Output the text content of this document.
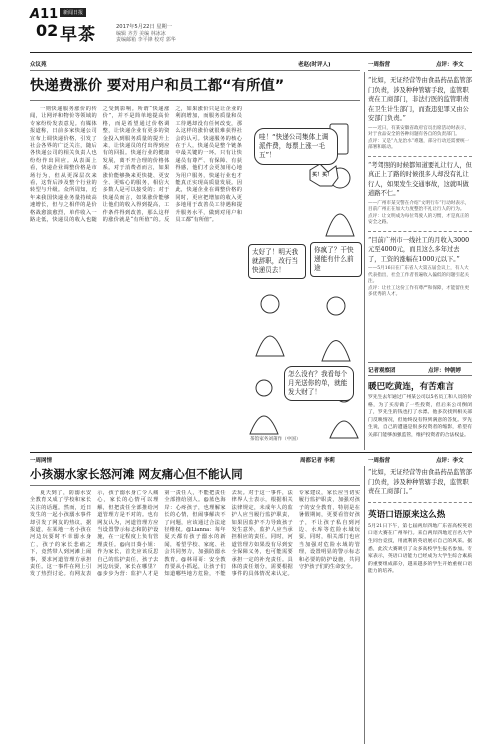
A11 新闻日报
02 早茶	2017年5月22日 星期一
编辑 齐芳 美编 林冰冰
责编邮箱 李平锋 校对 郭华
众议苑	老赵(时评人)	一周指营	点评：李文
快递费涨价 要对用户和员工都“有所值”

一则快递服务涨价的传闻，让网评和物价等领域的专家纷纷发表意见。有媒体报道称，日前多家快递公司宣布上调快递价格，引发了社会各界的广泛关注，随后各快递公司的相关负责人也纷纷作出回应。从表面上看，快递企业调整价格是市场行为，但从更深层次来看，这背后涉及整个行业的转型与升级。众所周知，近年来我国快递业务量持续高速增长，但与之相伴的是价格战愈演愈烈，单件收入一路走低，快递员的收入也随之受到影响。所谓“快递涨价”，并不是简单地提高价格，而是希望通过价格调整，让快递企业有更多的资金投入到服务质量的提升上来，让快递员的付出得到应有的回报。快递行业的健康发展，离不开合理的价格体系。对于消费者而言，如果涨价能够换来更快捷、更安全、更贴心的服务，相信大多数人是可以接受的；对于快递员而言，如果涨价能够让他们的收入得到提高，工作条件得到改善，那么这样的涨价就是“有所值”的。反之，如果涨价只是让企业的利润增加，而服务质量和员工待遇却没有任何改变，那么这样的涨价就很难获得社会的认可。快递服务的核心在于人，快递员是整个链条中最关键的一环。只有让快递员有尊严、有保障、有获得感，他们才会更加用心地为用户服务，快递行业也才能真正实现高质量发展。因此，快递企业在调整价格的同时，更应把增加的收入更多地用于改善员工待遇和提升服务水平，做到对用户和员工都“有所值”。

哇！“快递公司集体上调派件费，每票上涨一毛五”！
买！买！
太好了！明天我就辞职，改行当快递员去！
你疯了？干快递能有什么前途
怎么没有？我看每个月光送你的单，就能发大财了！
茶馆家务刘莆作（中国）
“比如，无证经营等由食品药品监管部门负责，涉及种种管辖手段，监管职责在工商部门，非法行医的监管职责在卫生计生部门，而查违犯罪又由公安部门负责。”
——近日，有某安徽省政府官员出席活动时表示，对于食品安全的各种问题有各自的负责部门。
点评：又是“九龙治水”难题，部分行动还需要统一部署和联动。
“考驾照的时候都知道要礼让行人，但真正上了路的时候很多人却没有礼让行人，如果发生交通事故，这就叫做道路不仁。”
——广州市某交警在介绍“文明行车”行动时表示，目前广州正在加大力度整治不礼让行人的行为。
点评：让文明成为每位驾驶人的习惯，才是真正的安全之路。
“目前广州市一线社工的月收入3000元至4000元，而且这么多年过去了，工资的涨幅在1000元以下。”
——5月16日在广东省人大第五届会议上，有人大代表指出，社会工作者普遍收入偏低的问题引起关注。
点评：让社工这份工作有尊严和保障，才能留住更多优秀的人才。
记者观察团	点评：钟朝婷
暖巴吃黄连，有苦难言
罗先生去年通过广州某公司以5名员工和人员的价格，为了买房做了一些投资，但后来公司倒闭了，罗先生的钱也打了水漂。他多次找到相关部门反映情况，但始终没有得到满意的答复。罗先生说，自己的遭遇是很多投资者的缩影，希望有关部门能够加强监管，维护投资者的合法权益。
一周网情	周都记者 李莉	一周指营	点评：李文
小孩溺水家长怒河滩 网友痛心但不能认同

夏天到了，防溺水安全教育又成了学校和家长关注的话题。然而，近日发生的一起小孩溺水事件却引发了网友的热议。据报道，在某地一名小孩在河边玩耍时不幸溺水身亡，孩子的家长悲痛之下，竟然带人到河滩上闹事，要求河道管理方承担责任。这一事件在网上引发了热烈讨论。有网友表示，孩子溺水身亡令人痛心，家长的心情可以理解，但把责任全部推给河道管理方是不对的。也有网友认为，河道管理方应当设置警示标志和防护设施，在一定程度上负有管理责任。@向日葵小姐：作为家长，首先应该反思自己的监护责任，孩子去河边玩耍，家长在哪里？@步步为营：监护人才是第一责任人，不能把责任全部推给别人。@蓝色海岸：心疼孩子，也理解家长的心情，但闹事解决不了问题，应该通过合法途径维权。@Lianna：每年夏天都有孩子溺水的新闻，希望学校、家庭、社会共同努力，加强防溺水教育。@林哥哥：安全教育要从小抓起，让孩子们知道哪些地方危险，不能去玩。对于这一事件，法律界人士表示，根据相关法律规定，未成年人的监护人应当履行监护职责，如果因监护不力导致孩子发生意外，监护人应当承担相应的责任。同时，河道管理方如果没有尽到安全保障义务，也可能需要承担一定的补充责任。具体的责任划分，需要根据事件的具体情况来认定。专家建议，家长应当切实履行监护职责，加强对孩子的安全教育，特别是在暑假期间，更要看管好孩子，不让孩子私自到河边、水库等危险水域玩耍。同时，相关部门也应当加强对危险水域的管理，设置明显的警示标志和必要的防护设施，共同守护孩子们的生命安全。

“比如，无证经营等由食品药品监管部门负责，涉及种种管辖手段，监管职责在工商部门。”
英语口语原来这么热
5月21日下午，第七届两岸四地广东省高校英语口语大赛在广州举行。来自两岸四地近百名大学生同台竞技，用流利的英语展示自己的风采。据悉，此次大赛吸引了众多高校学生报名参加。专家表示，英语口语能力已经成为大学生综合素质的重要组成部分，越来越多的学生开始重视口语能力的培养。
